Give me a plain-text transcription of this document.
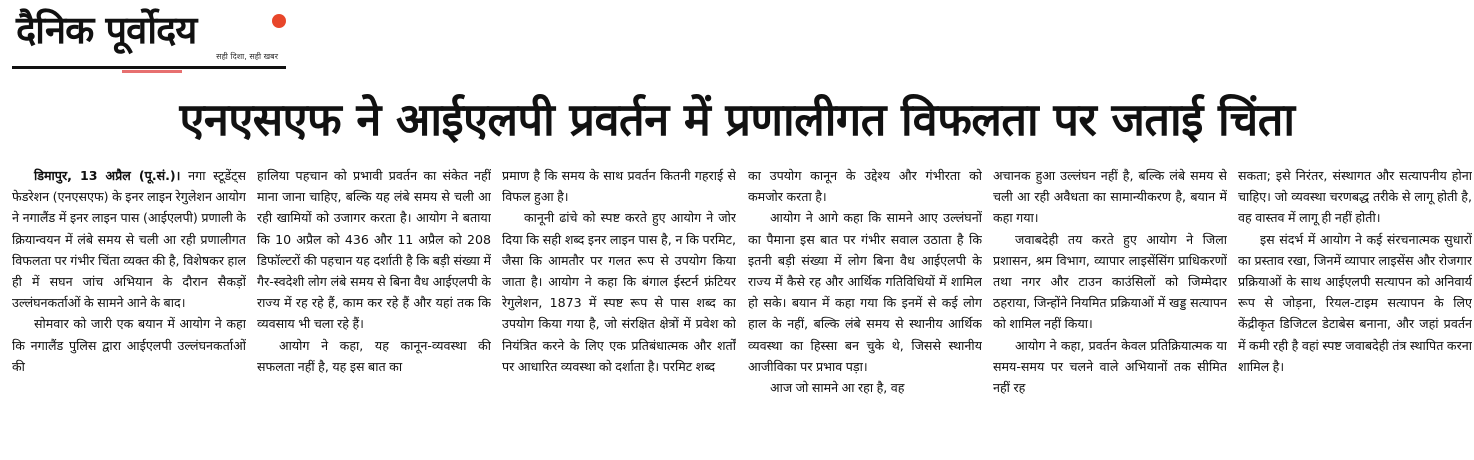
दैनिक पूर्वोदय
सही दिशा, सही खबर
एनएसएफ ने आईएलपी प्रवर्तन में प्रणालीगत विफलता पर जताई चिंता

डिमापुर, 13 अप्रैल (पू.सं.)। नगा स्टूडेंट्स फेडरेशन (एनएसएफ) के इनर लाइन रेगुलेशन आयोग ने नगालैंड में इनर लाइन पास (आईएलपी) प्रणाली के क्रियान्वयन में लंबे समय से चली आ रही प्रणालीगत विफलता पर गंभीर चिंता व्यक्त की है, विशेषकर हाल ही में सघन जांच अभियान के दौरान सैकड़ों उल्लंघनकर्ताओं के सामने आने के बाद।

सोमवार को जारी एक बयान में आयोग ने कहा कि नगालैंड पुलिस द्वारा आईएलपी उल्लंघनकर्ताओं की

हालिया पहचान को प्रभावी प्रवर्तन का संकेत नहीं माना जाना चाहिए, बल्कि यह लंबे समय से चली आ रही खामियों को उजागर करता है। आयोग ने बताया कि 10 अप्रैल को 436 और 11 अप्रैल को 208 डिफॉल्टरों की पहचान यह दर्शाती है कि बड़ी संख्या में गैर-स्वदेशी लोग लंबे समय से बिना वैध आईएलपी के राज्य में रह रहे हैं, काम कर रहे हैं और यहां तक कि व्यवसाय भी चला रहे हैं।

आयोग ने कहा, यह कानून-व्यवस्था की सफलता नहीं है, यह इस बात का

प्रमाण है कि समय के साथ प्रवर्तन कितनी गहराई से विफल हुआ है।

कानूनी ढांचे को स्पष्ट करते हुए आयोग ने जोर दिया कि सही शब्द इनर लाइन पास है, न कि परमिट, जैसा कि आमतौर पर गलत रूप से उपयोग किया जाता है। आयोग ने कहा कि बंगाल ईस्टर्न फ्रंटियर रेगुलेशन, 1873 में स्पष्ट रूप से पास शब्द का उपयोग किया गया है, जो संरक्षित क्षेत्रों में प्रवेश को नियंत्रित करने के लिए एक प्रतिबंधात्मक और शर्तों पर आधारित व्यवस्था को दर्शाता है। परमिट शब्द

का उपयोग कानून के उद्देश्य और गंभीरता को कमजोर करता है।

आयोग ने आगे कहा कि सामने आए उल्लंघनों का पैमाना इस बात पर गंभीर सवाल उठाता है कि इतनी बड़ी संख्या में लोग बिना वैध आईएलपी के राज्य में कैसे रह और आर्थिक गतिविधियों में शामिल हो सके। बयान में कहा गया कि इनमें से कई लोग हाल के नहीं, बल्कि लंबे समय से स्थानीय आर्थिक व्यवस्था का हिस्सा बन चुके थे, जिससे स्थानीय आजीविका पर प्रभाव पड़ा।

आज जो सामने आ रहा है, वह

अचानक हुआ उल्लंघन नहीं है, बल्कि लंबे समय से चली आ रही अवैधता का सामान्यीकरण है, बयान में कहा गया।

जवाबदेही तय करते हुए आयोग ने जिला प्रशासन, श्रम विभाग, व्यापार लाइसेंसिंग प्राधिकरणों तथा नगर और टाउन काउंसिलों को जिम्मेदार ठहराया, जिन्होंने नियमित प्रक्रियाओं में खड्ड सत्यापन को शामिल नहीं किया।

आयोग ने कहा, प्रवर्तन केवल प्रतिक्रियात्मक या समय-समय पर चलने वाले अभियानों तक सीमित नहीं रह

सकता; इसे निरंतर, संस्थागत और सत्यापनीय होना चाहिए। जो व्यवस्था चरणबद्ध तरीके से लागू होती है, वह वास्तव में लागू ही नहीं होती।

इस संदर्भ में आयोग ने कई संरचनात्मक सुधारों का प्रस्ताव रखा, जिनमें व्यापार लाइसेंस और रोजगार प्रक्रियाओं के साथ आईएलपी सत्यापन को अनिवार्य रूप से जोड़ना, रियल-टाइम सत्यापन के लिए केंद्रीकृत डिजिटल डेटाबेस बनाना, और जहां प्रवर्तन में कमी रही है वहां स्पष्ट जवाबदेही तंत्र स्थापित करना शामिल है।
